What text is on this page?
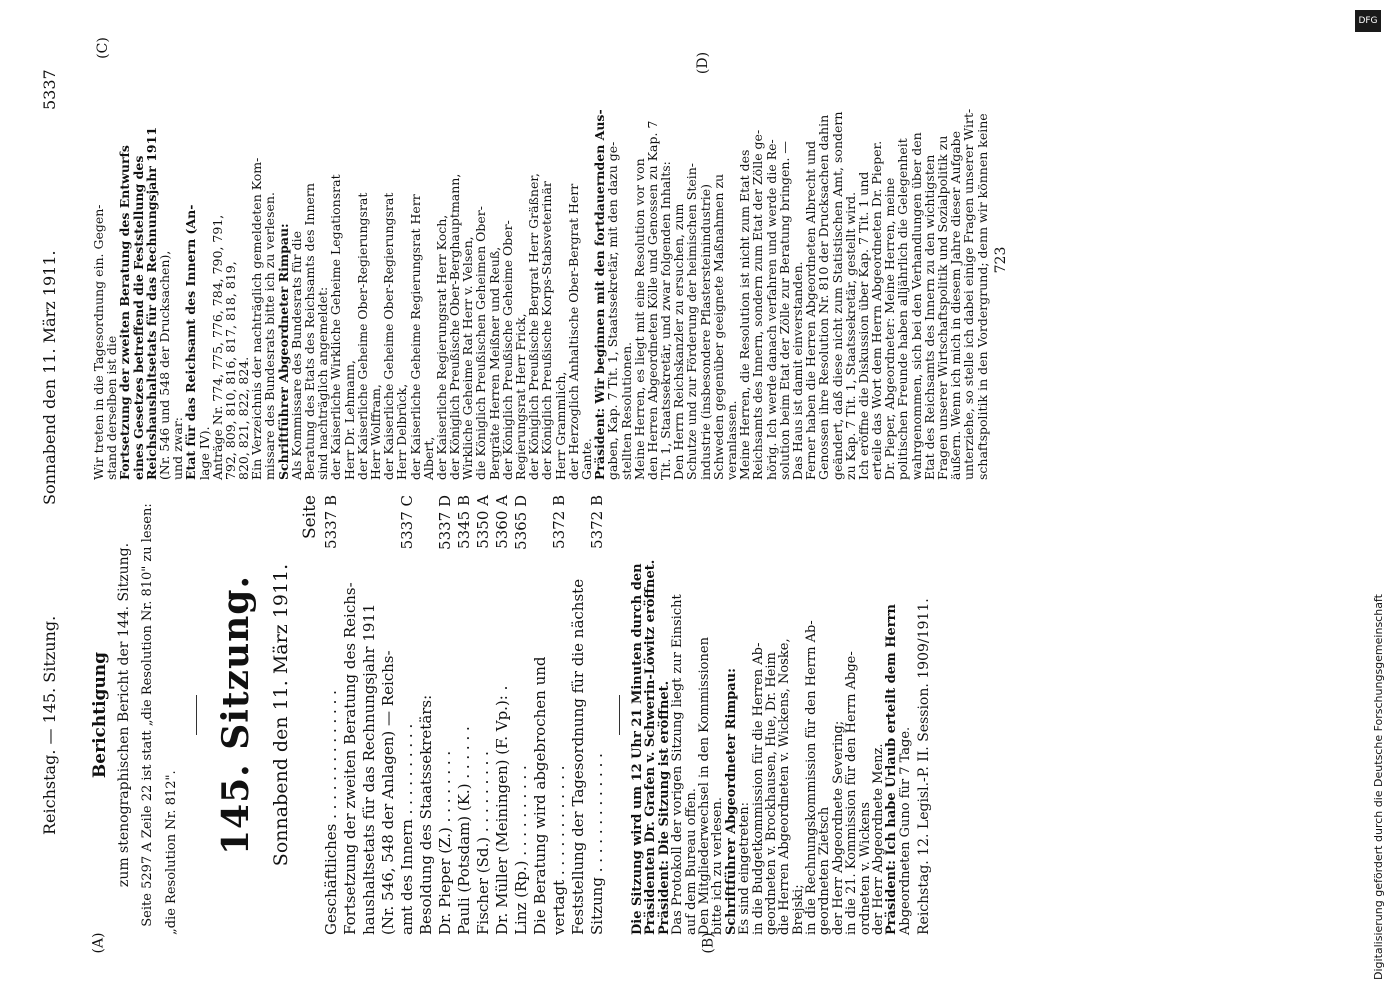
Reichstag. — 145. Sitzung.
Sonnabend den 11. März 1911.
5337
(A)	(B)
(C)
(D)
Berichtigung zum stenographischen Bericht der 144. Sitzung. Seite 5297 A Zeile 22 ist statt „die Resolution Nr. 810" zu lesen: „die Resolution Nr. 812". 145. Sitzung. Sonnabend den 11. März 1911.
Seite
Geschäftliches . . . . . . . . . . . . . .
5337 B
Fortsetzung der zweiten Beratung des Reichs- haushaltsetats für das Rechnungsjahr 1911 (Nr. 546, 548 der Anlagen) — Reichs- amt des Innern . . . . . . . . . .
5337 C
Besoldung des Staatssekretärs: Dr. Pieper (Z.) . . . . . . . .
5337 D
Pauli (Potsdam) (K.) . . . . . .
5345 B
Fischer (Sd.) . . . . . . . . .
5350 A
Dr. Müller (Meiningen) (F. Vp.): .
5360 A
Linz (Rp.) . . . . . . . . . .
5365 D
Die Beratung wird abgebrochen und vertagt . . . . . . . . . . . .
5372 B
Feststellung der Tagesordnung für die nächste Sitzung . . . . . . . . . . . . .
5372 B
Die Sitzung wird um 12 Uhr 21 Minuten durch den
Präsidenten Dr. Grafen v. Schwerin-Löwitz eröffnet.
Präsident: Die Sitzung ist eröffnet.
Das Protokoll der vorigen Sitzung liegt zur Einsicht
auf dem Bureau offen.
Den Mitgliederwechsel in den Kommissionen
bitte ich zu verlesen.
Schriftführer Abgeordneter Rimpau:
Es sind eingetreten:
in die Budgetkommission für die Herren Ab-
geordneten v. Brockhausen, Hue, Dr. Heim
die Herren Abgeordneten v. Wickens, Noske,
Brejski;
in die Rechnungskommission für den Herrn Ab-
geordneten Zietsch
der Herr Abgeordnete Severing;
in die 21. Kommission für den Herrn Abge-
ordneten v. Wickens
der Herr Abgeordnete Menz.
Präsident: Ich habe Urlaub erteilt dem Herrn
Abgeordneten Guno für 7 Tage. Reichstag. 12. Legisl.-P. II. Session. 1909/1911.
Wir treten in die Tagesordnung ein. Gegen-
stand derselben ist die
Fortsetzung der zweiten Beratung des Entwurfs
eines Gesetzes betreffend die Feststellung des
Reichshaushaltsetats für das Rechnungsjahr 1911
(Nr. 546 und 548 der Drucksachen),
und zwar:
Etat für das Reichsamt des Innern (An-
lage IV).
Anträge Nr. 774, 775, 776, 784, 790, 791,
792, 809, 810, 816, 817, 818, 819,
820, 821, 822, 824.
Ein Verzeichnis der nachträglich gemeldeten Kom-
missare des Bundesrats bitte ich zu verlesen.
Schriftführer Abgeordneter Rimpau:
Als Kommissare des Bundesrats für die
Beratung des Etats des Reichsamts des Innern
sind nachträglich angemeldet:
der Kaiserliche Wirkliche Geheime Legationsrat
Herr Dr. Lehmann,
der Kaiserliche Geheime Ober-Regierungsrat
Herr Wolffram,
der Kaiserliche Geheime Ober-Regierungsrat
Herr Delbrück,
der Kaiserliche Geheime Regierungsrat Herr
Albert,
der Kaiserliche Regierungsrat Herr Koch,
der Königlich Preußische Ober-Berghauptmann,
Wirkliche Geheime Rat Herr v. Velsen,
die Königlich Preußischen Geheimen Ober-
Bergräte Herren Meißner und Reuß,
der Königlich Preußische Geheime Ober-
Regierungsrat Herr Frick,
der Königlich Preußische Bergrat Herr Gräßner,
der Königlich Preußische Korps-Stabsveterinär
Herr Grammlich,
der Herzoglich Anhaltische Ober-Bergrat Herr
Gante.
Präsident: Wir beginnen mit den fortdauernden Aus-
gaben, Kap. 7 Tit. 1, Staatssekretär, mit den dazu ge-
stellten Resolutionen.
Meine Herren, es liegt mit eine Resolution vor von
den Herren Abgeordneten Kölle und Genossen zu Kap. 7
Tit. 1, Staatssekretär, und zwar folgenden Inhalts:
Den Herrn Reichskanzler zu ersuchen, zum
Schutze und zur Förderung der heimischen Stein-
industrie (insbesondere Pflastersteinindustrie)
Schweden gegenüber geeignete Maßnahmen zu
veranlassen.
Meine Herren, die Resolution ist nicht zum Etat des
Reichsamts des Innern, sondern zum Etat der Zölle ge-
hörig. Ich werde danach verfahren und werde die Re-
solution beim Etat der Zölle zur Beratung bringen. —
Das Haus ist damit einverstanden.
Ferner haben die Herren Abgeordneten Albrecht und
Genossen ihre Resolution Nr. 810 der Drucksachen dahin
geändert, daß diese nicht zum Statistischen Amt, sondern
zu Kap. 7 Tit. 1, Staatssekretär, gestellt wird.
Ich eröffne die Diskussion über Kap. 7 Tit. 1 und
erteile das Wort dem Herrn Abgeordneten Dr. Pieper.
Dr. Pieper, Abgeordneter: Meine Herren, meine
politischen Freunde haben alljährlich die Gelegenheit
wahrgenommen, sich bei den Verhandlungen über den
Etat des Reichsamts des Innern zu den wichtigsten
Fragen unserer Wirtschaftspolitik und Sozialpolitik zu
äußern. Wenn ich mich in diesem Jahre dieser Aufgabe
unterziehe, so stelle ich dabei einige Fragen unserer Wirt-
schaftspolitik in den Vordergrund; denn wir können keine 723
Digitalisierung gefördert durch die Deutsche Forschungsgemeinschaft
DFG
